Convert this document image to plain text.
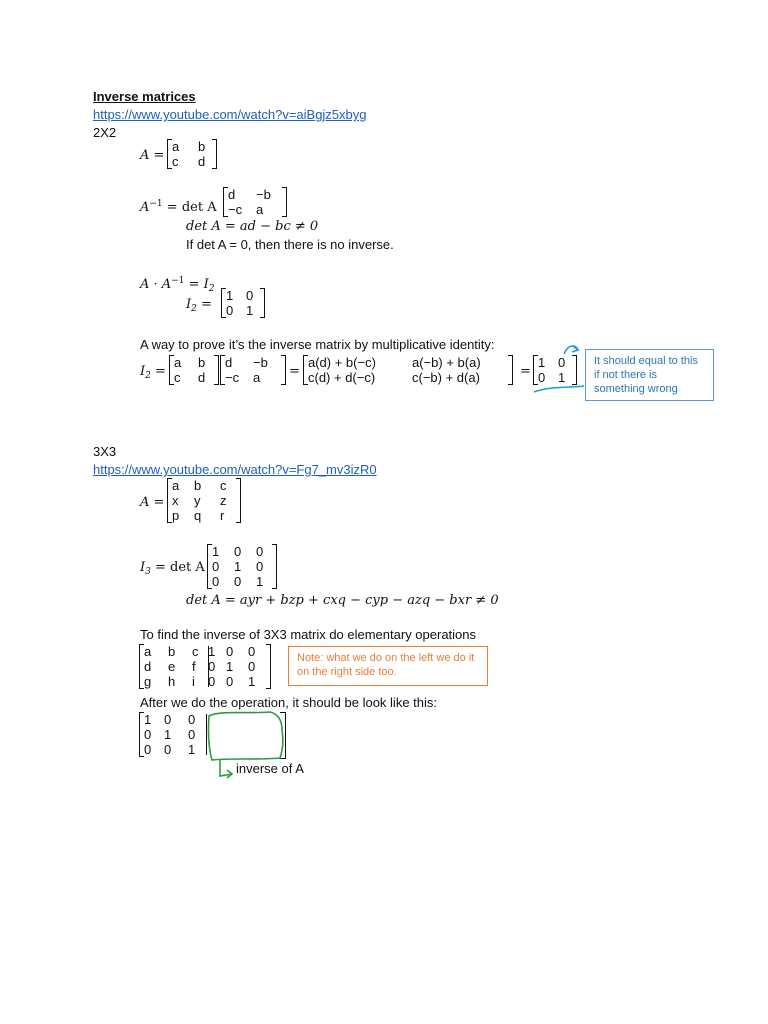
Inverse matrices
https://www.youtube.com/watch?v=aiBgjz5xbyg
2X2
A =
a	b
c	d
$A^{-1} = \det A$
d	−b
−c	a
det A = ad − bc ≠ 0
If det A = 0, then there is no inverse.
$A \cdot A^{-1} = I_2$
$I_2$ =
1 0
0 1
A way to prove it’s the inverse matrix by multiplicative identity:
$I_2$ =
a	b
c	d
d	−b
−c	a	=
a(d) + b(−c)	a(−b) + b(a)
c(d) + d(−c)	c(−b) + d(a)	=
1 0
0 1
It should equal to this if not there is something wrong
3X3
https://www.youtube.com/watch?v=Fg7_mv3izR0
A =
a	b	c
x	y	z
p	q	r
$I_3 = \det A$
1	0	0
0	1	0
0	0	1
det A = ayr + bzp + cxq − cyp − azq − bxr ≠ 0
To find the inverse of 3X3 matrix do elementary operations
a	b	c 1 0	0
d	e	f 0 1	0
g	h	i	0 0	1
Note: what we do on the left we do it on the right side too.
After we do the operation, it should be look like this:
1 0	0
0 1	0
0 0	1
inverse of A
